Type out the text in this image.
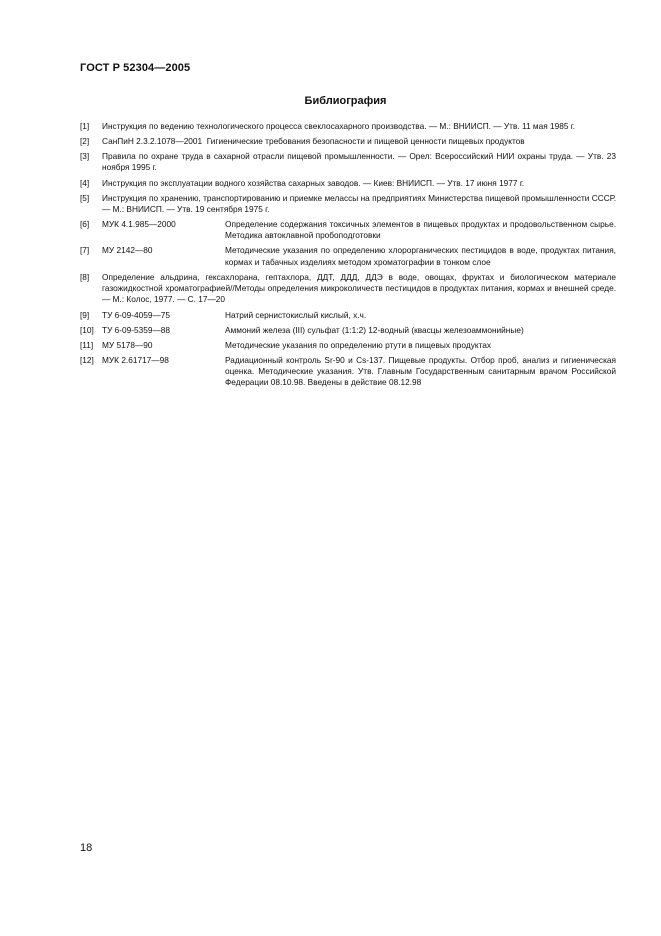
ГОСТ Р 52304—2005
Библиография
[1]	Инструкция по ведению технологического процесса свеклосахарного производства. — М.: ВНИИСП. — Утв. 11 мая 1985 г.
[2]	СанПиН 2.3.2.1078—2001  Гигиенические требования безопасности и пищевой ценности пищевых продуктов
[3]	Правила по охране труда в сахарной отрасли пищевой промышленности. — Орел: Всероссийский НИИ охраны труда. — Утв. 23 ноября 1995 г.
[4]	Инструкция по эксплуатации водного хозяйства сахарных заводов. — Киев: ВНИИСП. — Утв. 17 июня 1977 г.
[5]	Инструкция по хранению, транспортированию и приемке мелассы на предприятиях Министерства пищевой промышленности СССР. — М.: ВНИИСП. — Утв. 19 сентября 1975 г.
[6]	МУК 4.1.985—2000	Определение содержания токсичных элементов в пищевых продуктах и продовольственном сырье. Методика автоклавной пробоподготовки
[7]	МУ 2142—80	Методические указания по определению хлорорганических пестицидов в воде, продуктах питания, кормах и табачных изделиях методом хроматографии в тонком слое
[8]	Определение альдрина, гексахлорана, гептахлора, ДДТ, ДДД, ДДЭ в воде, овощах, фруктах и биологическом материале газожидкостной хроматографией//Методы определения микроколичеств пестицидов в продуктах питания, кормах и внешней среде. — М.: Колос, 1977. — С. 17—20
[9]	ТУ 6-09-4059—75	Натрий сернистокислый кислый, х.ч.
[10] ТУ 6-09-5359—88	Аммоний железа (III) сульфат (1:1:2) 12-водный (квасцы железоаммонийные)
[11]	МУ 5178—90	Методические указания по определению ртути в пищевых продуктах
[12] МУК 2.61717—98	Радиационный контроль Sr-90 и Cs-137. Пищевые продукты. Отбор проб, анализ и гигиеническая оценка. Методические указания. Утв. Главным Государственным санитарным врачом Российской Федерации 08.10.98. Введены в действие 08.12.98
18
